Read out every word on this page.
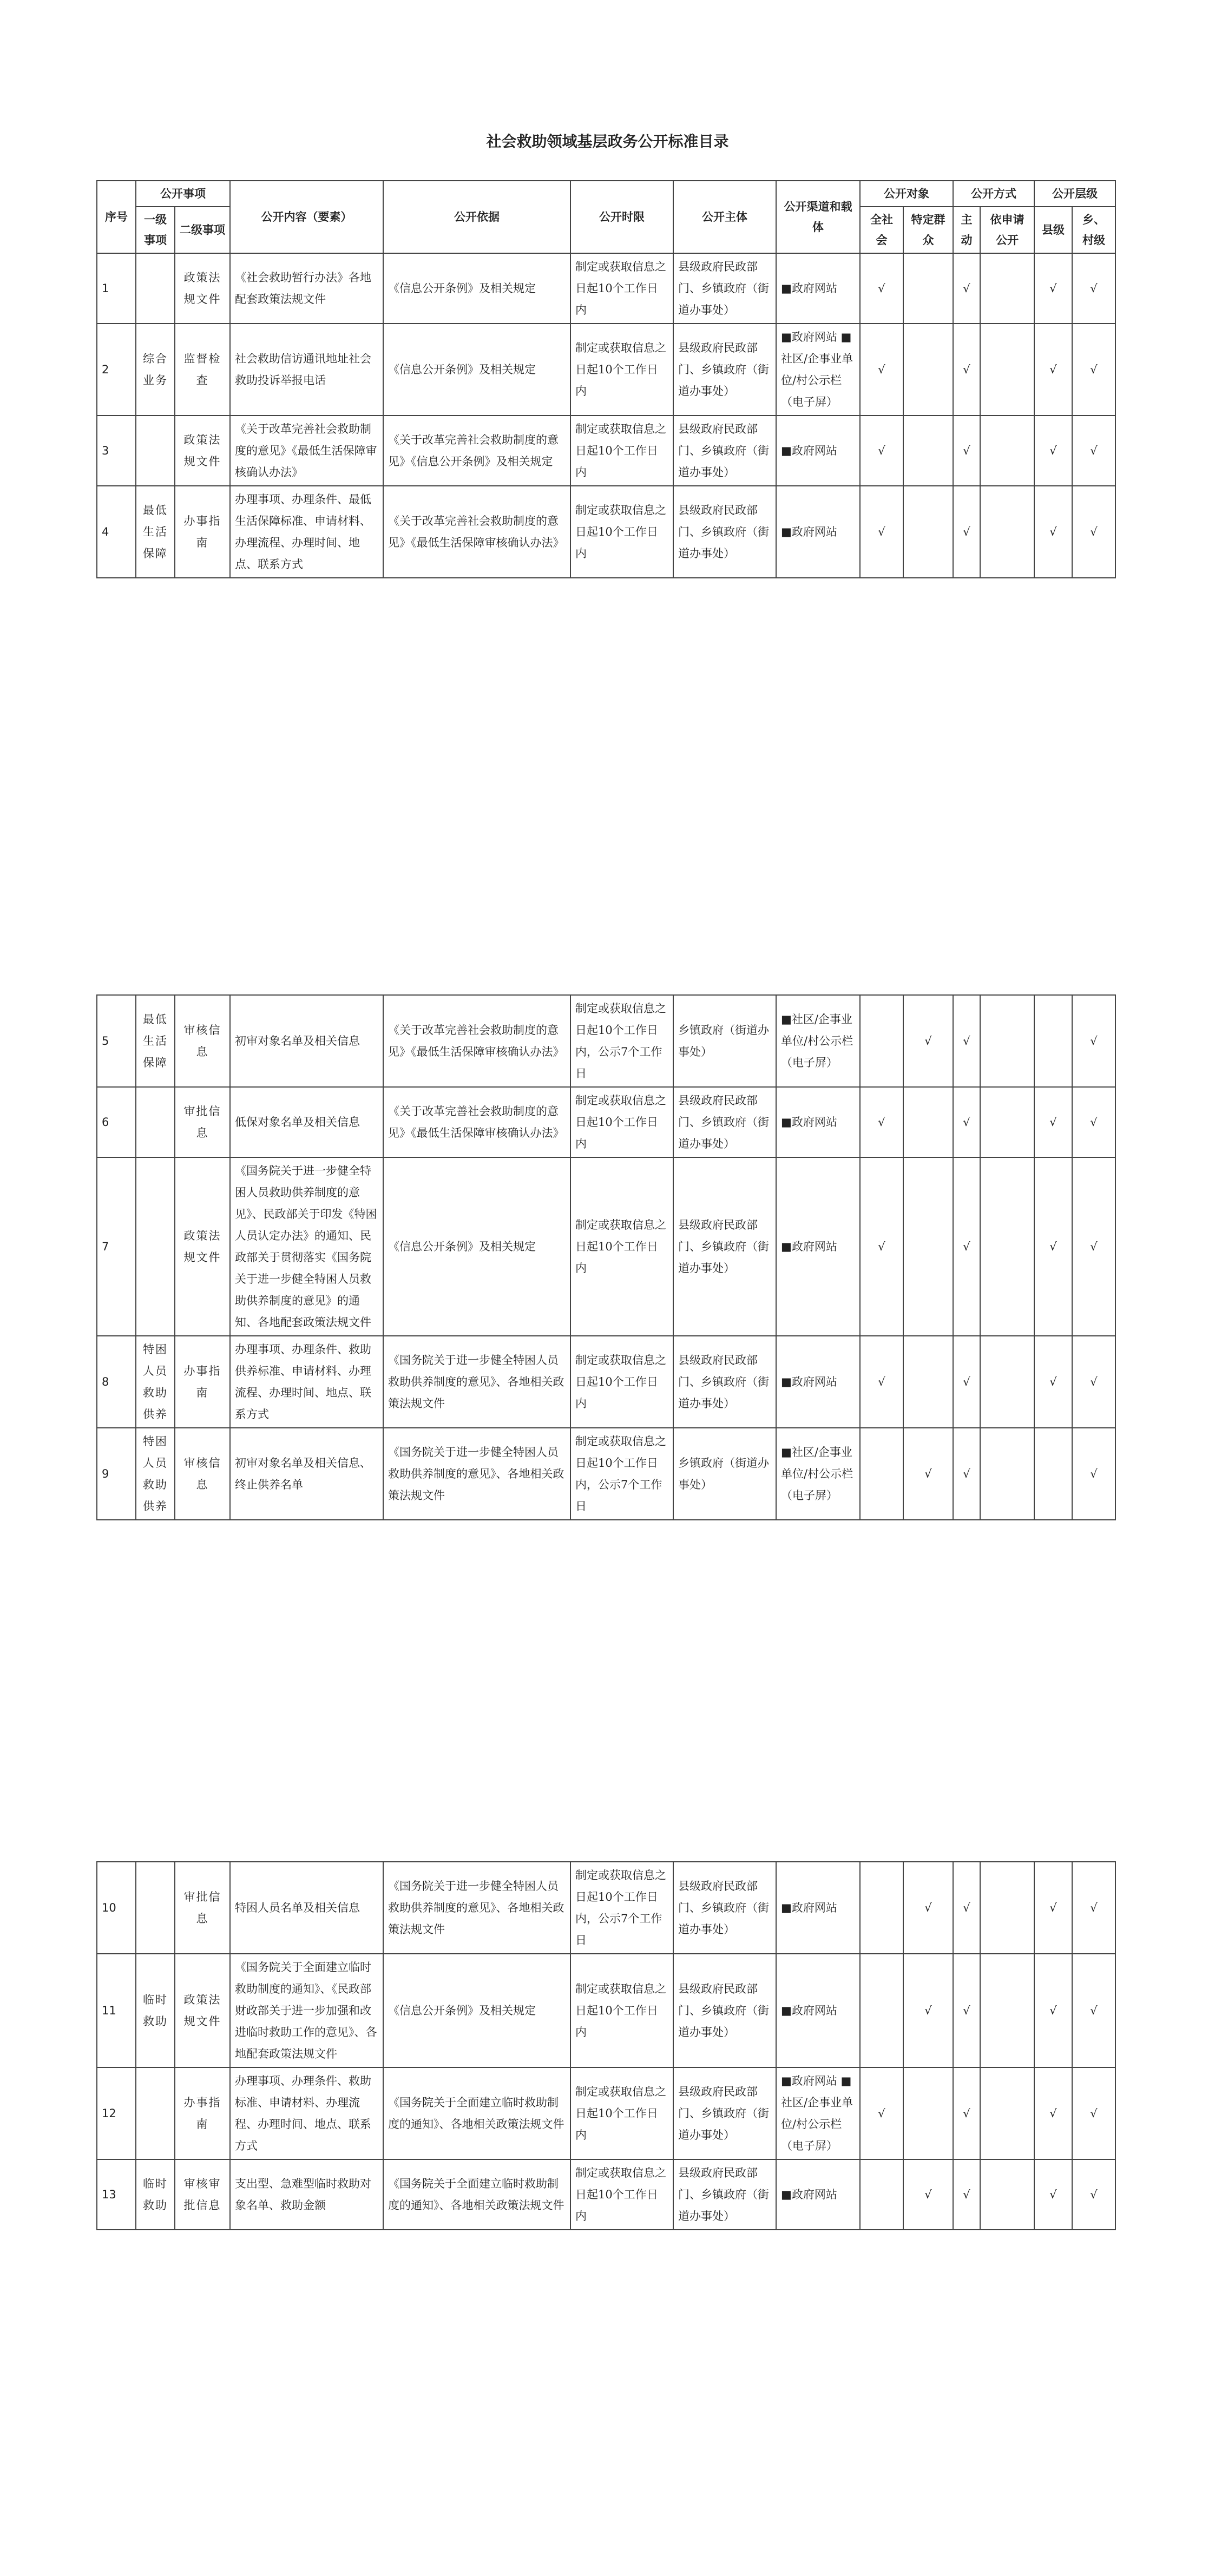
社会救助领域基层政务公开标准目录
序号	公开事项		公开内容（要素）	公开依据	公开时限	公开主体	公开渠道和载体	公开对象		公开方式		公开层级	
	一级事项	二级事项						全社会	特定群众	主动	依申请公开	县级	乡、村级
1		政策法规文件	《社会救助暂行办法》各地配套政策法规文件	《信息公开条例》及相关规定	制定或获取信息之日起10个工作日内	县级政府民政部门、乡镇政府（街道办事处）	■政府网站	√		√		√	√
2	综合业务	监督检查	社会救助信访通讯地址社会救助投诉举报电话	《信息公开条例》及相关规定	制定或获取信息之日起10个工作日内	县级政府民政部门、乡镇政府（街道办事处）	■政府网站 ■社区/企事业单位/村公示栏（电子屏）	√		√		√	√
3		政策法规文件	《关于改革完善社会救助制度的意见》《最低生活保障审核确认办法》	《关于改革完善社会救助制度的意见》《信息公开条例》及相关规定	制定或获取信息之日起10个工作日内	县级政府民政部门、乡镇政府（街道办事处）	■政府网站	√		√		√	√
4	最低生活保障	办事指南	办理事项、办理条件、最低生活保障标准、申请材料、办理流程、办理时间、地点、联系方式	《关于改革完善社会救助制度的意见》《最低生活保障审核确认办法》	制定或获取信息之日起10个工作日内	县级政府民政部门、乡镇政府（街道办事处）	■政府网站	√		√		√	√
5	最低生活保障	审核信息	初审对象名单及相关信息	《关于改革完善社会救助制度的意见》《最低生活保障审核确认办法》	制定或获取信息之日起10个工作日内，公示7个工作日	乡镇政府（街道办事处）	■社区/企事业单位/村公示栏（电子屏）		√	√			√
6		审批信息	低保对象名单及相关信息	《关于改革完善社会救助制度的意见》《最低生活保障审核确认办法》	制定或获取信息之日起10个工作日内	县级政府民政部门、乡镇政府（街道办事处）	■政府网站	√		√		√	√
7		政策法规文件	《国务院关于进一步健全特困人员救助供养制度的意见》、民政部关于印发《特困人员认定办法》的通知、民政部关于贯彻落实《国务院关于进一步健全特困人员救助供养制度的意见》的通知、各地配套政策法规文件	《信息公开条例》及相关规定	制定或获取信息之日起10个工作日内	县级政府民政部门、乡镇政府（街道办事处）	■政府网站	√		√		√	√
8	特困人员救助供养	办事指南	办理事项、办理条件、救助供养标准、申请材料、办理流程、办理时间、地点、联系方式	《国务院关于进一步健全特困人员救助供养制度的意见》、各地相关政策法规文件	制定或获取信息之日起10个工作日内	县级政府民政部门、乡镇政府（街道办事处）	■政府网站	√		√		√	√
9	特困人员救助供养	审核信息	初审对象名单及相关信息、终止供养名单	《国务院关于进一步健全特困人员救助供养制度的意见》、各地相关政策法规文件	制定或获取信息之日起10个工作日内，公示7个工作日	乡镇政府（街道办事处）	■社区/企事业单位/村公示栏（电子屏）		√	√			√
10		审批信息	特困人员名单及相关信息	《国务院关于进一步健全特困人员救助供养制度的意见》、各地相关政策法规文件	制定或获取信息之日起10个工作日内，公示7个工作日	县级政府民政部门、乡镇政府（街道办事处）	■政府网站		√	√		√	√
11	临时救助	政策法规文件	《国务院关于全面建立临时救助制度的通知》、《民政部财政部关于进一步加强和改进临时救助工作的意见》、各地配套政策法规文件	《信息公开条例》及相关规定	制定或获取信息之日起10个工作日内	县级政府民政部门、乡镇政府（街道办事处）	■政府网站		√	√		√	√
12		办事指南	办理事项、办理条件、救助标准、申请材料、办理流程、办理时间、地点、联系方式	《国务院关于全面建立临时救助制度的通知》、各地相关政策法规文件	制定或获取信息之日起10个工作日内	县级政府民政部门、乡镇政府（街道办事处）	■政府网站 ■社区/企事业单位/村公示栏（电子屏）	√		√		√	√
13	临时救助	审核审批信息	支出型、急难型临时救助对象名单、救助金额	《国务院关于全面建立临时救助制度的通知》、各地相关政策法规文件	制定或获取信息之日起10个工作日内	县级政府民政部门、乡镇政府（街道办事处）	■政府网站		√	√		√	√
